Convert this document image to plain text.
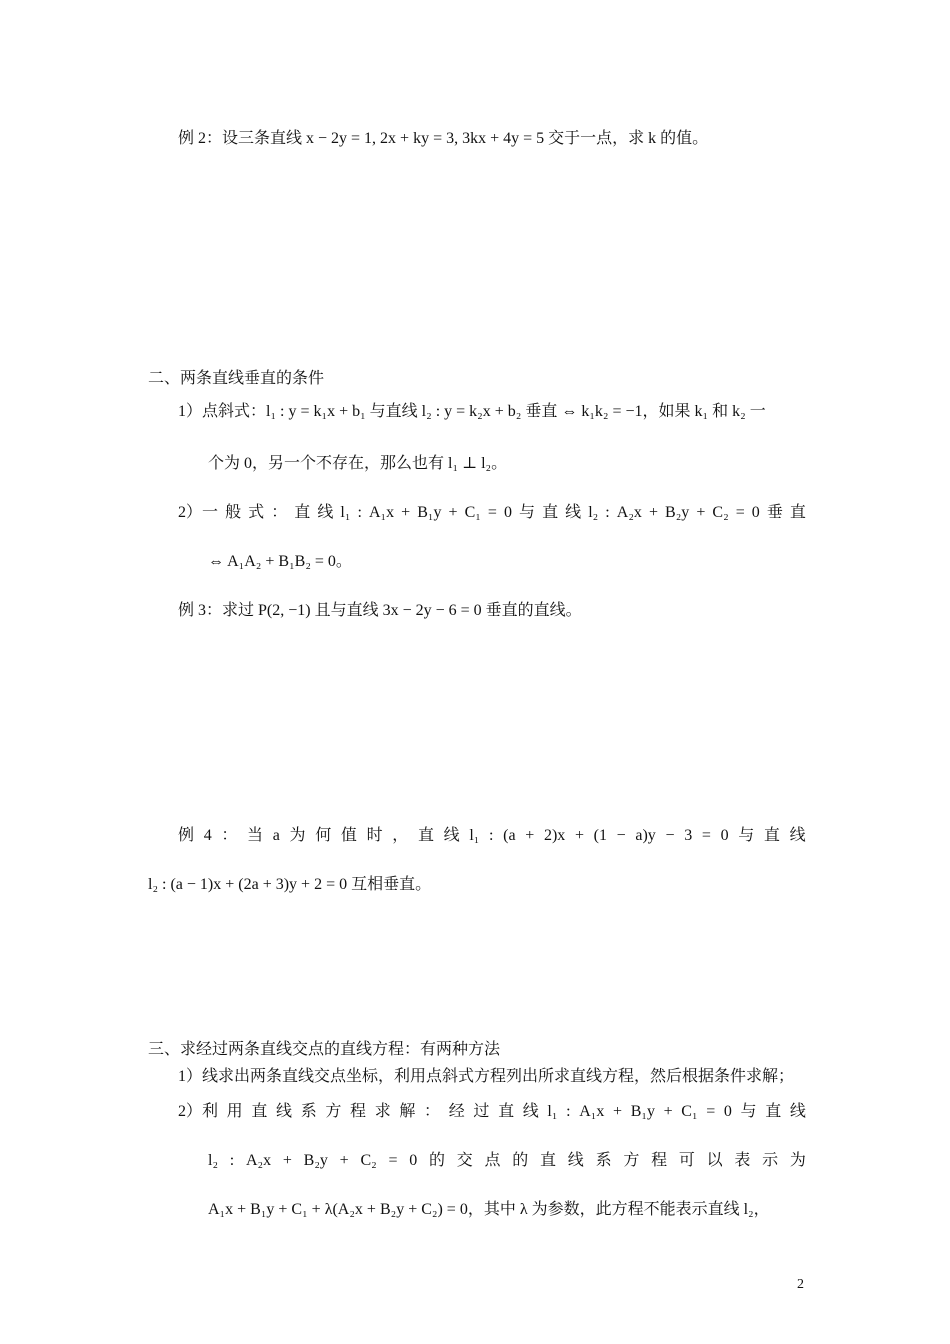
例 2：设三条直线 x − 2y = 1, 2x + ky = 3, 3kx + 4y = 5 交于一点，求 k 的值。
二、两条直线垂直的条件
1）点斜式：l₁ : y = k₁x + b₁ 与直线 l₂ : y = k₂x + b₂ 垂直 ⇔ k₁k₂ = −1，如果 k₁ 和 k₂ 一
个为 0，另一个不存在，那么也有 l₁ ⊥ l₂。
2）一 般 式 ： 直 线 l₁ : A₁x + B₁y + C₁ = 0 与 直 线 l₂ : A₂x + B₂y + C₂ = 0 垂 直
⇔ A₁A₂ + B₁B₂ = 0。
例 3：求过 P(2, −1) 且与直线 3x − 2y − 6 = 0 垂直的直线。
例 4 ： 当 a 为 何 值 时 ， 直 线 l₁ : (a + 2)x + (1 − a)y − 3 = 0 与 直 线
l₂ : (a − 1)x + (2a + 3)y + 2 = 0 互相垂直。
三、求经过两条直线交点的直线方程：有两种方法
1）线求出两条直线交点坐标，利用点斜式方程列出所求直线方程，然后根据条件求解；
2）利 用 直 线 系 方 程 求 解 ： 经 过 直 线 l₁ : A₁x + B₁y + C₁ = 0 与 直 线
l₂ : A₂x + B₂y + C₂ = 0 的 交 点 的 直 线 系 方 程 可 以 表 示 为
A₁x + B₁y + C₁ + λ(A₂x + B₂y + C₂) = 0，其中 λ 为参数，此方程不能表示直线 l₂，
2
